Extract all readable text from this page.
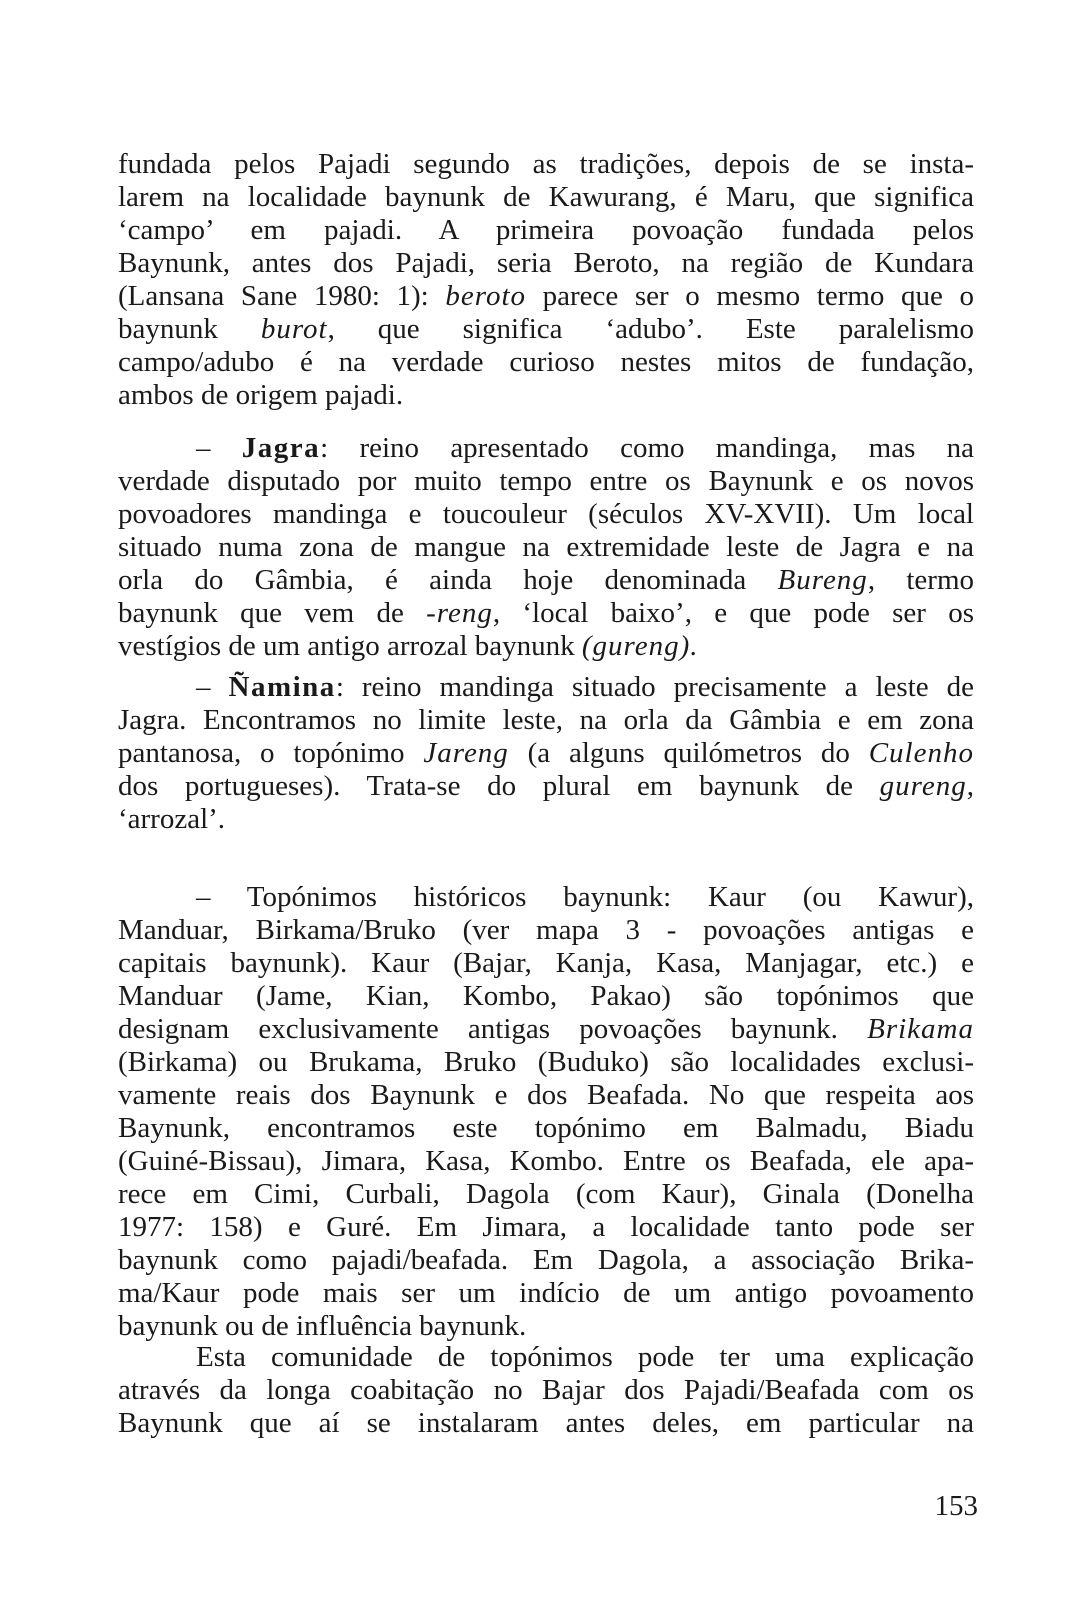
fundada pelos Pajadi segundo as tradições, depois de se insta-
larem na localidade baynunk de Kawurang, é Maru, que significa
‘campo’ em pajadi. A primeira povoação fundada pelos
Baynunk, antes dos Pajadi, seria Beroto, na região de Kundara
(Lansana Sane 1980: 1): beroto parece ser o mesmo termo que o
baynunk burot, que significa ‘adubo’. Este paralelismo
campo/adubo é na verdade curioso nestes mitos de fundação,
ambos de origem pajadi.
– Jagra: reino apresentado como mandinga, mas na
verdade disputado por muito tempo entre os Baynunk e os novos
povoadores mandinga e toucouleur (séculos XV-XVII). Um local
situado numa zona de mangue na extremidade leste de Jagra e na
orla do Gâmbia, é ainda hoje denominada Bureng, termo
baynunk que vem de -reng, ‘local baixo’, e que pode ser os
vestígios de um antigo arrozal baynunk (gureng).
– Ñamina: reino mandinga situado precisamente a leste de
Jagra. Encontramos no limite leste, na orla da Gâmbia e em zona
pantanosa, o topónimo Jareng (a alguns quilómetros do Culenho
dos portugueses). Trata-se do plural em baynunk de gureng,
‘arrozal’.
– Topónimos históricos baynunk: Kaur (ou Kawur),
Manduar, Birkama/Bruko (ver mapa 3 - povoações antigas e
capitais baynunk). Kaur (Bajar, Kanja, Kasa, Manjagar, etc.) e
Manduar (Jame, Kian, Kombo, Pakao) são topónimos que
designam exclusivamente antigas povoações baynunk. Brikama
(Birkama) ou Brukama, Bruko (Buduko) são localidades exclusi-
vamente reais dos Baynunk e dos Beafada. No que respeita aos
Baynunk, encontramos este topónimo em Balmadu, Biadu
(Guiné-Bissau), Jimara, Kasa, Kombo. Entre os Beafada, ele apa-
rece em Cimi, Curbali, Dagola (com Kaur), Ginala (Donelha
1977: 158) e Guré. Em Jimara, a localidade tanto pode ser
baynunk como pajadi/beafada. Em Dagola, a associação Brika-
ma/Kaur pode mais ser um indício de um antigo povoamento
baynunk ou de influência baynunk.
Esta comunidade de topónimos pode ter uma explicação
através da longa coabitação no Bajar dos Pajadi/Beafada com os
Baynunk que aí se instalaram antes deles, em particular na
153
